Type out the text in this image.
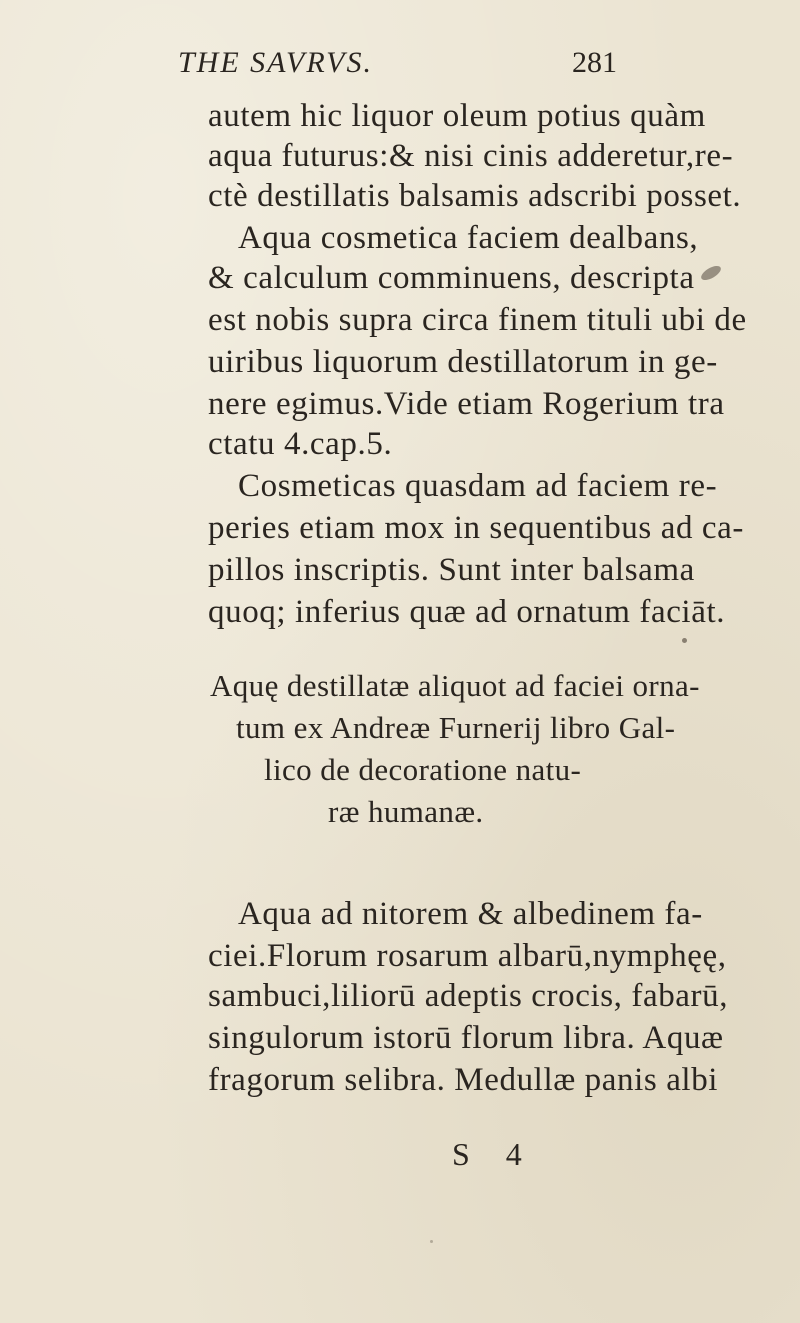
THE SAVRVS.	281
autem hic liquor oleum potius quàm
aqua futurus:& nisi cinis adderetur,re-
ctè destillatis balsamis adscribi posset.
Aqua cosmetica faciem dealbans,
& calculum comminuens, descripta
est nobis supra circa finem tituli ubi de
uiribus liquorum destillatorum in ge-
nere egimus.Vide etiam Rogerium tra
ctatu 4.cap.5.
Cosmeticas quasdam ad faciem re-
peries etiam mox in sequentibus ad ca-
pillos inscriptis. Sunt inter balsama
quoq; inferius quæ ad ornatum faciāt.
Aquę destillatæ aliquot ad faciei orna-
tum ex Andreæ Furnerij libro Gal-
lico de decoratione natu-
ræ humanæ.
Aqua ad nitorem & albedinem fa-
ciei.Florum rosarum albarū,nymphęę,
sambuci,liliorū adeptis crocis, fabarū,
singulorum istorū florum libra. Aquæ
fragorum selibra. Medullæ panis albi
S 4
